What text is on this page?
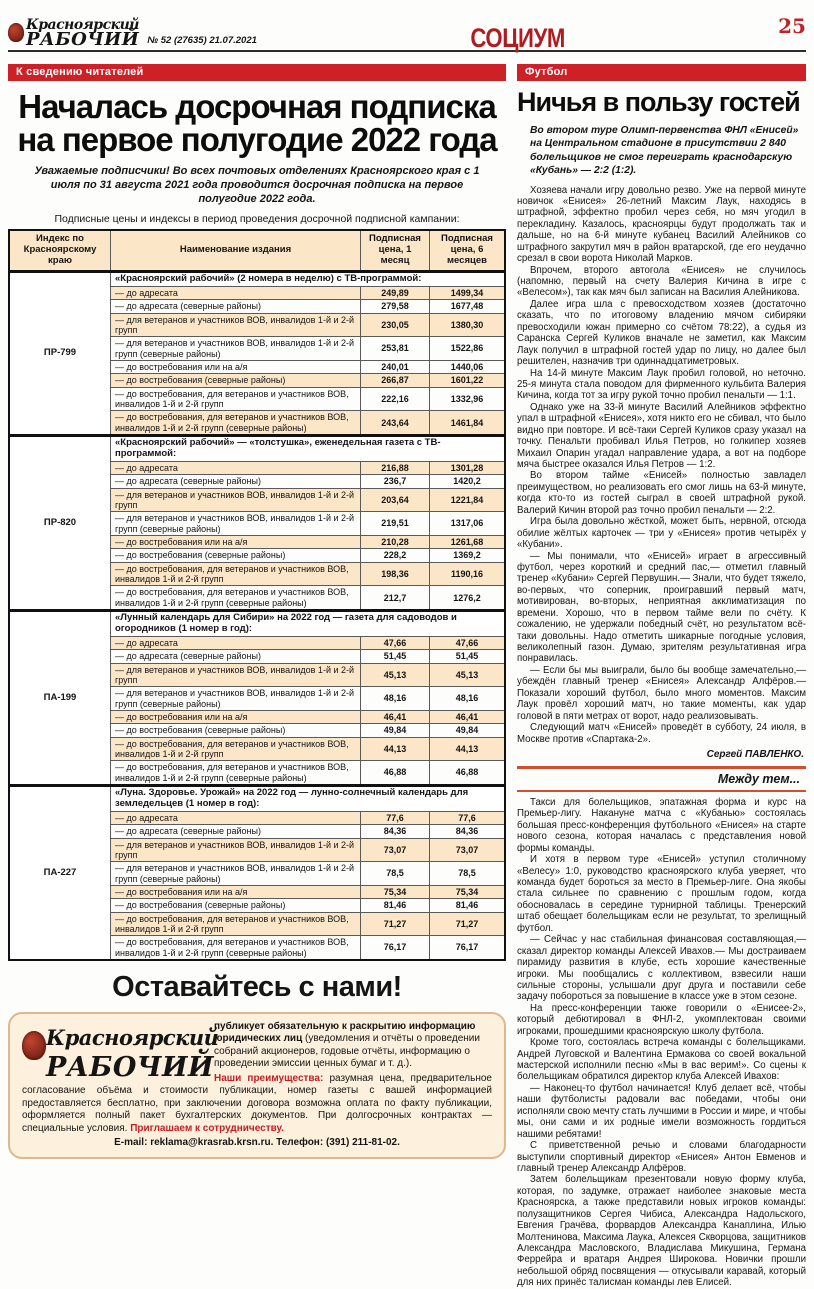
Красноярский
РАБОЧИЙ № 52 (27635) 21.07.2021	СОЦИУМ	25
К сведению читателей
Началась досрочная подписка на первое полугодие 2022 года

Уважаемые подписчики! Во всех почтовых отделениях Красноярского края с 1 июля по 31 августа 2021 года проводится досрочная подписка на первое полугодие 2022 года.

Подписные цены и индексы в период проведения досрочной подписной кампании:

Индекс по Красноярскому краю	Наименование издания	Подписная цена, 1 месяц	Подписная цена, 6 месяцев
ПР-799	«Красноярский рабочий» (2 номера в неделю) с ТВ-программой:		
	— до адресата	249,89	1499,34
	— до адресата (северные районы)	279,58	1677,48
	— для ветеранов и участников ВОВ, инвалидов 1-й и 2-й групп	230,05	1380,30
	— для ветеранов и участников ВОВ, инвалидов 1-й и 2-й групп (северные районы)	253,81	1522,86
	— до востребования или на а/я	240,01	1440,06
	— до востребования (северные районы)	266,87	1601,22
	— до востребования, для ветеранов и участников ВОВ, инвалидов 1-й и 2-й групп	222,16	1332,96
	— до востребования, для ветеранов и участников ВОВ, инвалидов 1-й и 2-й групп (северные районы)	243,64	1461,84
ПР-820	«Красноярский рабочий» — «толстушка», еженедельная газета с ТВ-программой:		
	— до адресата	216,88	1301,28
	— до адресата (северные районы)	236,7	1420,2
	— для ветеранов и участников ВОВ, инвалидов 1-й и 2-й групп	203,64	1221,84
	— для ветеранов и участников ВОВ, инвалидов 1-й и 2-й групп (северные районы)	219,51	1317,06
	— до востребования или на а/я	210,28	1261,68
	— до востребования (северные районы)	228,2	1369,2
	— до востребования, для ветеранов и участников ВОВ, инвалидов 1-й и 2-й групп	198,36	1190,16
	— до востребования, для ветеранов и участников ВОВ, инвалидов 1-й и 2-й групп (северные районы)	212,7	1276,2
ПА-199	«Лунный календарь для Сибири» на 2022 год — газета для садоводов и огородников (1 номер в год):		
	— до адресата	47,66	47,66
	— до адресата (северные районы)	51,45	51,45
	— для ветеранов и участников ВОВ, инвалидов 1-й и 2-й групп	45,13	45,13
	— для ветеранов и участников ВОВ, инвалидов 1-й и 2-й групп (северные районы)	48,16	48,16
	— до востребования или на а/я	46,41	46,41
	— до востребования (северные районы)	49,84	49,84
	— до востребования, для ветеранов и участников ВОВ, инвалидов 1-й и 2-й групп	44,13	44,13
	— до востребования, для ветеранов и участников ВОВ, инвалидов 1-й и 2-й групп (северные районы)	46,88	46,88
ПА-227	«Луна. Здоровье. Урожай» на 2022 год — лунно-солнечный календарь для земледельцев (1 номер в год):		
	— до адресата	77,6	77,6
	— до адресата (северные районы)	84,36	84,36
	— для ветеранов и участников ВОВ, инвалидов 1-й и 2-й групп	73,07	73,07
	— для ветеранов и участников ВОВ, инвалидов 1-й и 2-й групп (северные районы)	78,5	78,5
	— до востребования или на а/я	75,34	75,34
	— до востребования (северные районы)	81,46	81,46
	— до востребования, для ветеранов и участников ВОВ, инвалидов 1-й и 2-й групп	71,27	71,27
	— до востребования, для ветеранов и участников ВОВ, инвалидов 1-й и 2-й групп (северные районы)	76,17	76,17
Оставайтесь с нами!
Красноярский
РАБОЧИЙ

публикует обязательную к раскрытию информацию юридических лиц (уведомления и отчёты о проведении собраний акционеров, годовые отчёты, информацию о проведении эмиссии ценных бумаг и т. д.).

Наши преимущества: разумная цена, предварительное согласование объёма и стоимости публикации, номер газеты с вашей информацией предоставляется бесплатно, при заключении договора возможна оплата по факту публикации, оформляется полный пакет бухгалтерских документов. При долгосрочных контрактах — специальные условия. Приглашаем к сотрудничеству.

E-mail: reklama@krasrab.krsn.ru. Телефон: (391) 211-81-02.

Футбол
Ничья в пользу гостей

Во втором туре Олимп-первенства ФНЛ «Енисей» на Центральном стадионе в присутствии 2 840 болельщиков не смог переиграть краснодарскую «Кубань» — 2:2 (1:2).

Хозяева начали игру довольно резво. Уже на первой минуте новичок «Енисея» 26-летний Максим Лаук, находясь в штрафной, эффектно пробил через себя, но мяч угодил в перекладину. Казалось, красноярцы будут продолжать так и дальше, но на 6-й минуте кубанец Василий Алейников со штрафного закрутил мяч в район вратарской, где его неудачно срезал в свои ворота Николай Марков.

Впрочем, второго автогола «Енисея» не случилось (напомню, первый на счету Валерия Кичина в игре с «Велесом»), так как мяч был записан на Василия Алейникова.

Далее игра шла с превосходством хозяев (достаточно сказать, что по итоговому владению мячом сибиряки превосходили южан примерно со счётом 78:22), а судья из Саранска Сергей Куликов вначале не заметил, как Максим Лаук получил в штрафной гостей удар по лицу, но далее был решителен, назначив три одиннадцатиметровых.

На 14-й минуте Максим Лаук пробил головой, но неточно. 25-я минута стала поводом для фирменного кульбита Валерия Кичина, когда тот за игру рукой точно пробил пенальти — 1:1.

Однако уже на 33-й минуте Василий Алейников эффектно упал в штрафной «Енисея», хотя никто его не сбивал, что было видно при повторе. И всё-таки Сергей Куликов сразу указал на точку. Пенальти пробивал Илья Петров, но голкипер хозяев Михаил Опарин угадал направление удара, а вот на подборе мяча быстрее оказался Илья Петров — 1:2.

Во втором тайме «Енисей» полностью завладел преимуществом, но реализовать его смог лишь на 63-й минуте, когда кто-то из гостей сыграл в своей штрафной рукой. Валерий Кичин второй раз точно пробил пенальти — 2:2.

Игра была довольно жёсткой, может быть, нервной, отсюда обилие жёлтых карточек — три у «Енисея» против четырёх у «Кубани».

— Мы понимали, что «Енисей» играет в агрессивный футбол, через короткий и средний пас,— отметил главный тренер «Кубани» Сергей Первушин.— Знали, что будет тяжело, во-первых, что соперник, проигравший первый матч, мотивирован, во-вторых, неприятная акклиматизация по времени. Хорошо, что в первом тайме вели по счёту. К сожалению, не удержали победный счёт, но результатом всё-таки довольны. Надо отметить шикарные погодные условия, великолепный газон. Думаю, зрителям результативная игра понравилась.

— Если бы мы выиграли, было бы вообще замечательно,— убеждён главный тренер «Енисея» Александр Алфёров.— Показали хороший футбол, было много моментов. Максим Лаук провёл хороший матч, но такие моменты, как удар головой в пяти метрах от ворот, надо реализовывать.

Следующий матч «Енисей» проведёт в субботу, 24 июля, в Москве против «Спартака-2».

Сергей ПАВЛЕНКО.

Между тем...

Такси для болельщиков, эпатажная форма и курс на Премьер-лигу. Накануне матча с «Кубанью» состоялась большая пресс-конференция футбольного «Енисея» на старте нового сезона, которая началась с представления новой формы команды.

И хотя в первом туре «Енисей» уступил столичному «Велесу» 1:0, руководство красноярского клуба уверяет, что команда будет бороться за место в Премьер-лиге. Она якобы стала сильнее по сравнению с прошлым годом, когда обосновалась в середине турнирной таблицы. Тренерский штаб обещает болельщикам если не результат, то зрелищный футбол.

— Сейчас у нас стабильная финансовая составляющая,— сказал директор команды Алексей Ивахов.— Мы достраиваем пирамиду развития в клубе, есть хорошие качественные игроки. Мы пообщались с коллективом, взвесили наши сильные стороны, услышали друг друга и поставили себе задачу побороться за повышение в классе уже в этом сезоне.

На пресс-конференции также говорили о «Енисее-2», который дебютировал в ФНЛ-2, укомплектован своими игроками, прошедшими красноярскую школу футбола.

Кроме того, состоялась встреча команды с болельщиками. Андрей Луговской и Валентина Ермакова со своей вокальной мастерской исполнили песню «Мы в вас верим!». Со сцены к болельщикам обратился директор клуба Алексей Ивахов:

— Наконец-то футбол начинается! Клуб делает всё, чтобы наши футболисты радовали вас победами, чтобы они исполняли свою мечту стать лучшими в России и мире, и чтобы мы, они сами и их родные имели возможность гордиться нашими ребятами!

С приветственной речью и словами благодарности выступили спортивный директор «Енисея» Антон Евменов и главный тренер Александр Алфёров.

Затем болельщикам презентовали новую форму клуба, которая, по задумке, отражает наиболее знаковые места Красноярска, а также представили новых игроков команды: полузащитников Сергея Чибиса, Александра Надольского, Евгения Грачёва, форвардов Александра Канаплина, Илью Молтенинова, Максима Лаука, Алексея Скворцова, защитников Александра Масловского, Владислава Микушина, Германа Феррейра и вратаря Андрея Широкова. Новички прошли небольшой обряд посвящения — откусывали каравай, который для них принёс талисман команды лев Елисей.
